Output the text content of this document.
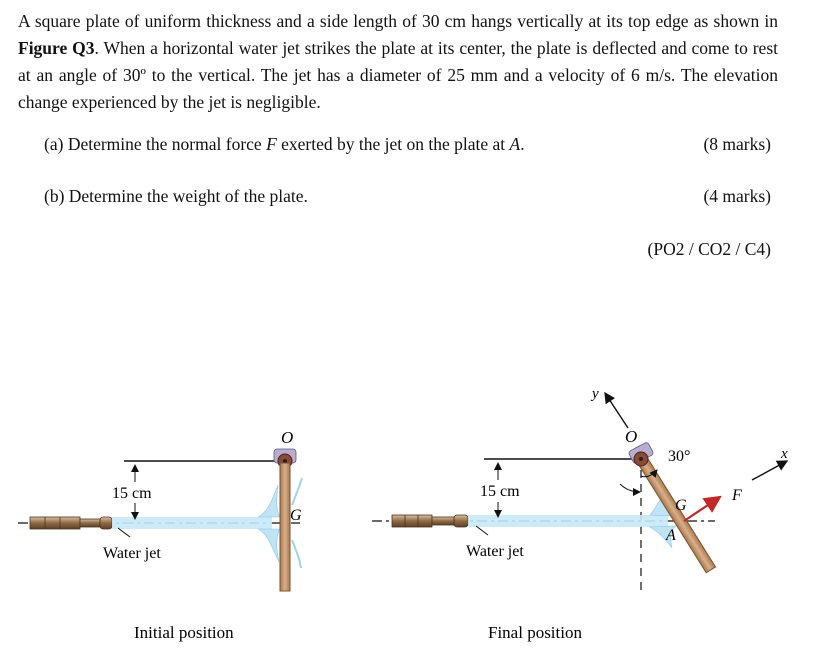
A square plate of uniform thickness and a side length of 30 cm hangs vertically at its top edge as shown in Figure Q3. When a horizontal water jet strikes the plate at its center, the plate is deflected and come to rest at an angle of 30º to the vertical. The jet has a diameter of 25 mm and a velocity of 6 m/s. The elevation change experienced by the jet is negligible.
(a) Determine the normal force F exerted by the jet on the plate at A.	(8 marks)
(b) Determine the weight of the plate.	(4 marks)
(PO2 / CO2 / C4)
15 cm
Water jet
O
G
Initial position
15 cm
Water jet
y
x
30°
F
O
G
A
Final position
